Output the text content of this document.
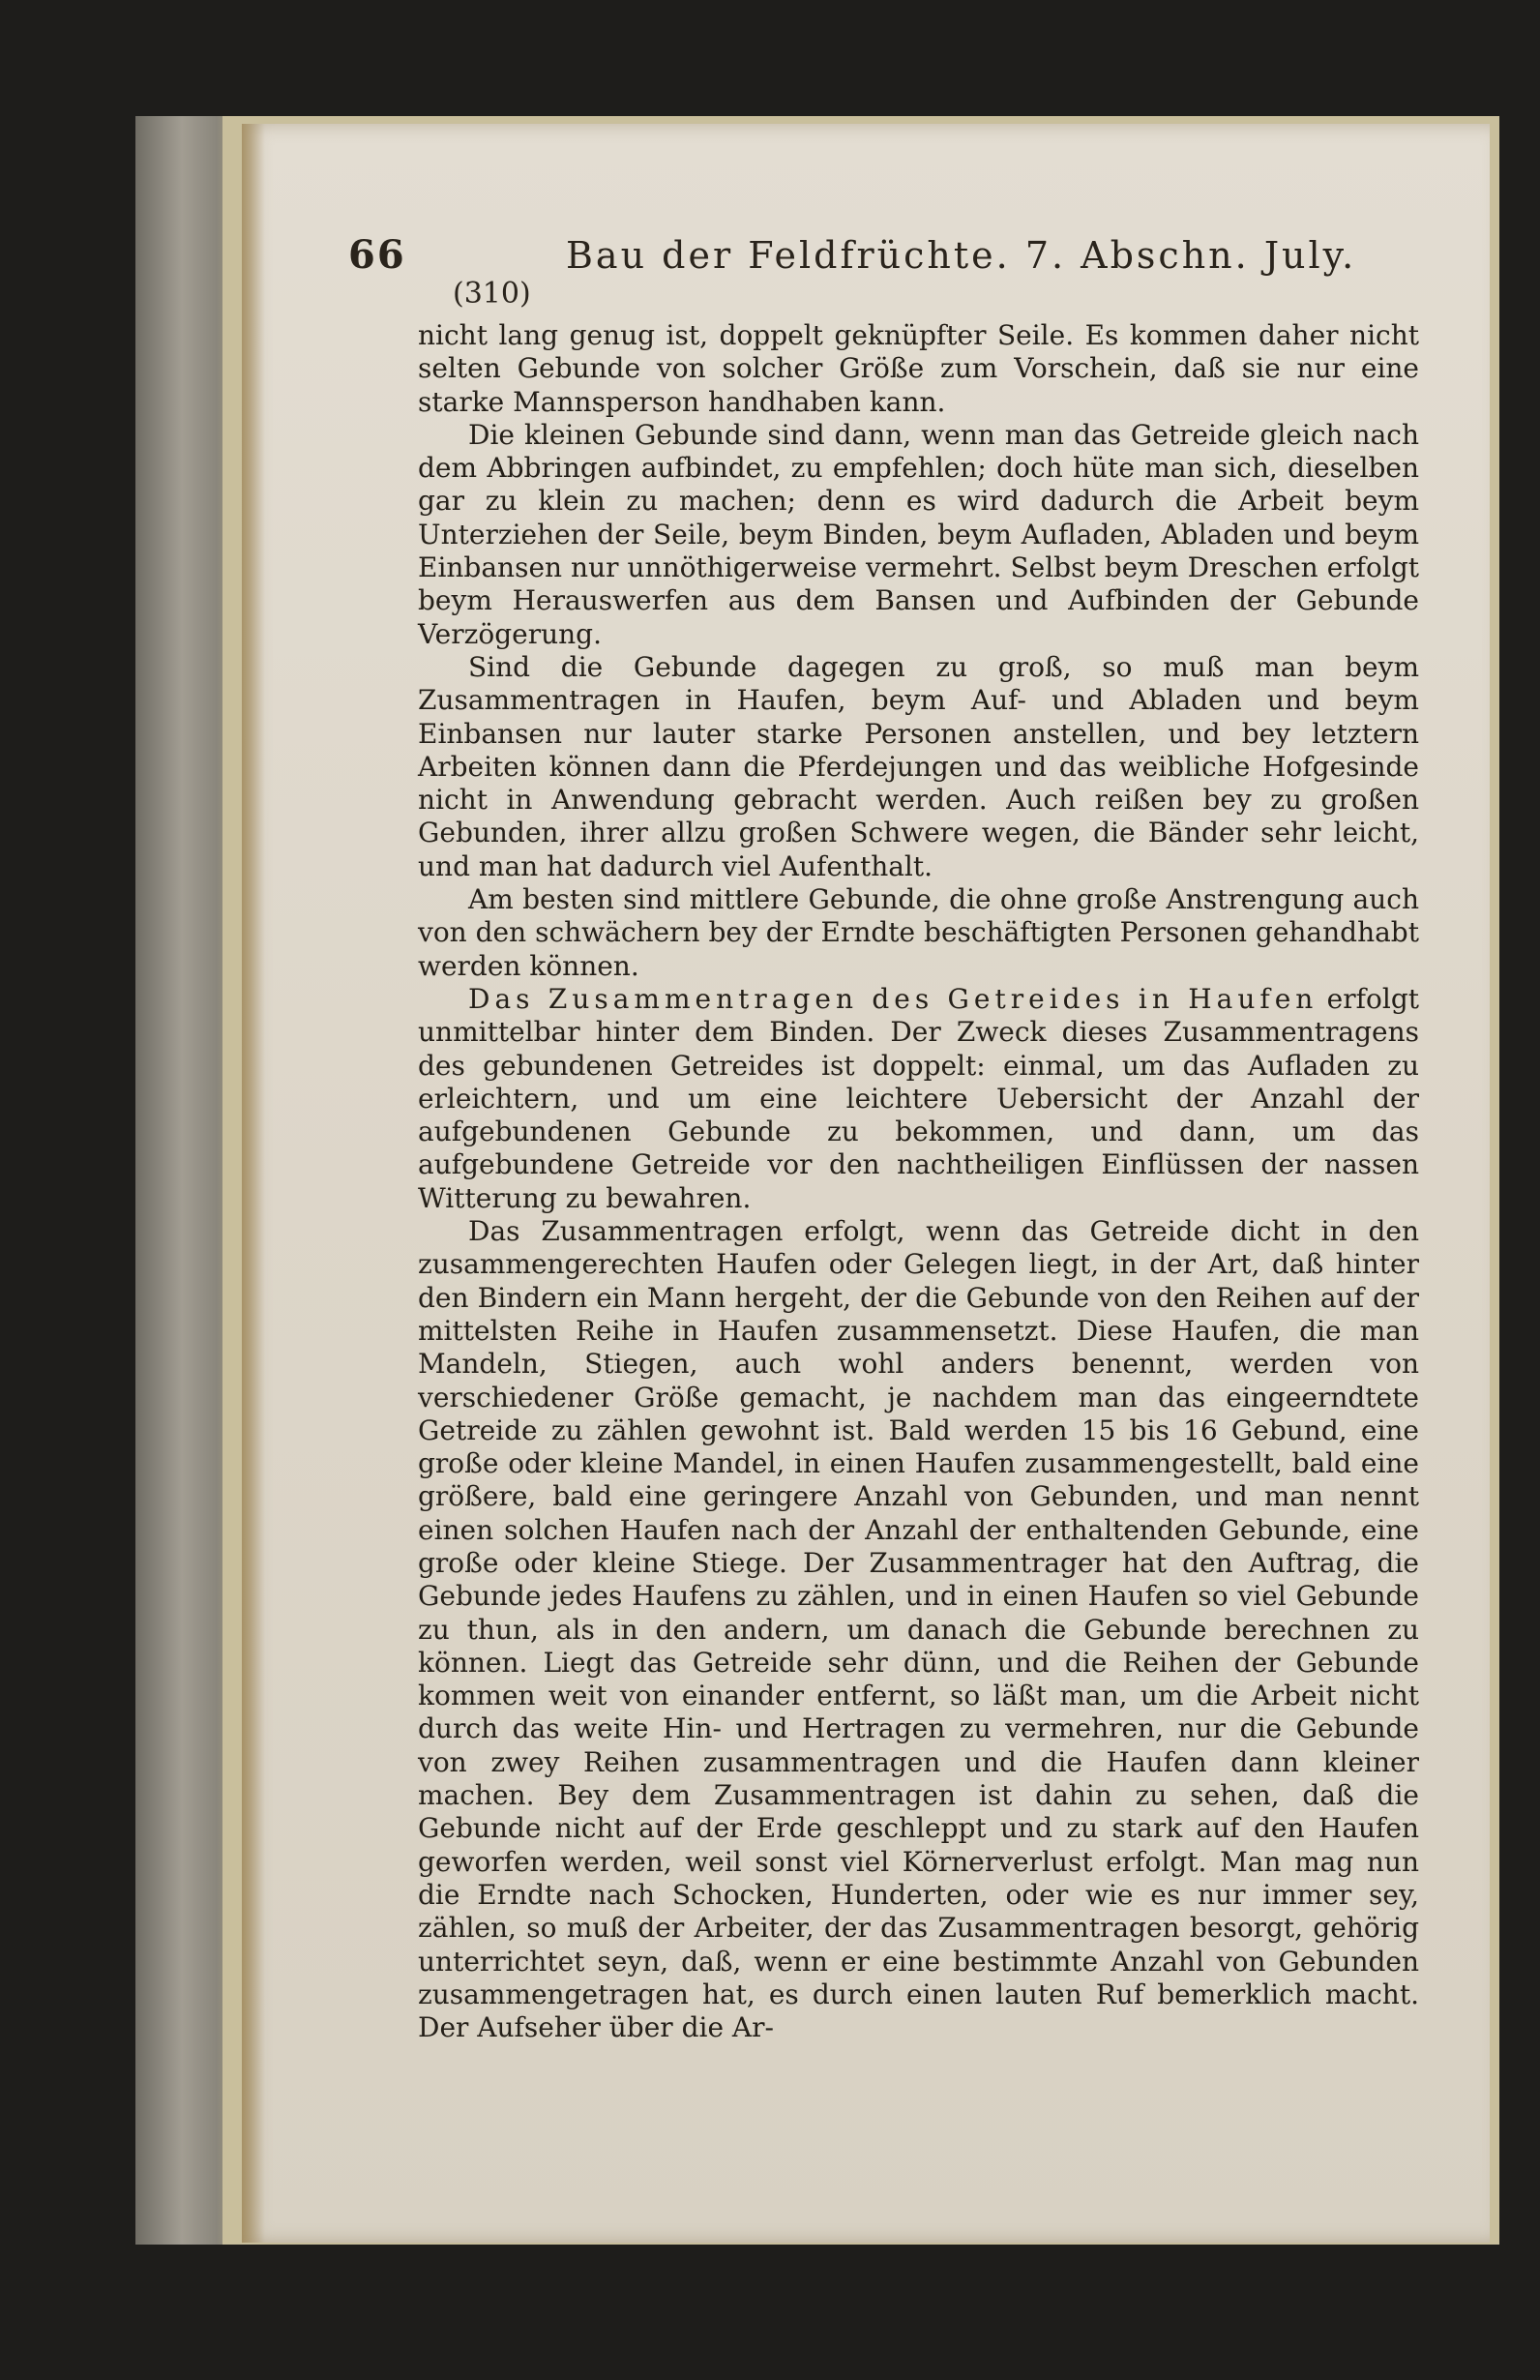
66	Bau der Feldfrüchte. 7. Abschn. July.
(310)

nicht lang genug ist, doppelt geknüpfter Seile. Es kommen daher nicht selten Gebunde von solcher Größe zum Vorschein, daß sie nur eine starke Mannsperson handhaben kann.

Die kleinen Gebunde sind dann, wenn man das Getreide gleich nach dem Abbringen aufbindet, zu empfehlen; doch hüte man sich, dieselben gar zu klein zu machen; denn es wird dadurch die Arbeit beym Unterziehen der Seile, beym Binden, beym Aufladen, Abladen und beym Einbansen nur unnöthigerweise vermehrt. Selbst beym Dreschen erfolgt beym Herauswerfen aus dem Bansen und Aufbinden der Gebunde Verzögerung.

Sind die Gebunde dagegen zu groß, so muß man beym Zusammentragen in Haufen, beym Auf- und Abladen und beym Einbansen nur lauter starke Personen anstellen, und bey letztern Arbeiten können dann die Pferdejungen und das weibliche Hofgesinde nicht in Anwendung gebracht werden. Auch reißen bey zu großen Gebunden, ihrer allzu großen Schwere wegen, die Bänder sehr leicht, und man hat dadurch viel Aufenthalt.

Am besten sind mittlere Gebunde, die ohne große Anstrengung auch von den schwächern bey der Erndte beschäftigten Personen gehandhabt werden können.

Das Zusammentragen des Getreides in Haufen erfolgt unmittelbar hinter dem Binden. Der Zweck dieses Zusammentragens des gebundenen Getreides ist doppelt: einmal, um das Aufladen zu erleichtern, und um eine leichtere Uebersicht der Anzahl der aufgebundenen Gebunde zu bekommen, und dann, um das aufgebundene Getreide vor den nachtheiligen Einflüssen der nassen Witterung zu bewahren.

Das Zusammentragen erfolgt, wenn das Getreide dicht in den zusammengerechten Haufen oder Gelegen liegt, in der Art, daß hinter den Bindern ein Mann hergeht, der die Gebunde von den Reihen auf der mittelsten Reihe in Haufen zusammensetzt. Diese Haufen, die man Mandeln, Stiegen, auch wohl anders benennt, werden von verschiedener Größe gemacht, je nachdem man das eingeerndtete Getreide zu zählen gewohnt ist. Bald werden 15 bis 16 Gebund, eine große oder kleine Mandel, in einen Haufen zusammengestellt, bald eine größere, bald eine geringere Anzahl von Gebunden, und man nennt einen solchen Haufen nach der Anzahl der enthaltenden Gebunde, eine große oder kleine Stiege. Der Zusammentrager hat den Auftrag, die Gebunde jedes Haufens zu zählen, und in einen Haufen so viel Gebunde zu thun, als in den andern, um danach die Gebunde berechnen zu können. Liegt das Getreide sehr dünn, und die Reihen der Gebunde kommen weit von einander entfernt, so läßt man, um die Arbeit nicht durch das weite Hin- und Hertragen zu vermehren, nur die Gebunde von zwey Reihen zusammentragen und die Haufen dann kleiner machen. Bey dem Zusammentragen ist dahin zu sehen, daß die Gebunde nicht auf der Erde geschleppt und zu stark auf den Haufen geworfen werden, weil sonst viel Körnerverlust erfolgt. Man mag nun die Erndte nach Schocken, Hunderten, oder wie es nur immer sey, zählen, so muß der Arbeiter, der das Zusammentragen besorgt, gehörig unterrichtet seyn, daß, wenn er eine bestimmte Anzahl von Gebunden zusammengetragen hat, es durch einen lauten Ruf bemerklich macht. Der Aufseher über die Ar-
